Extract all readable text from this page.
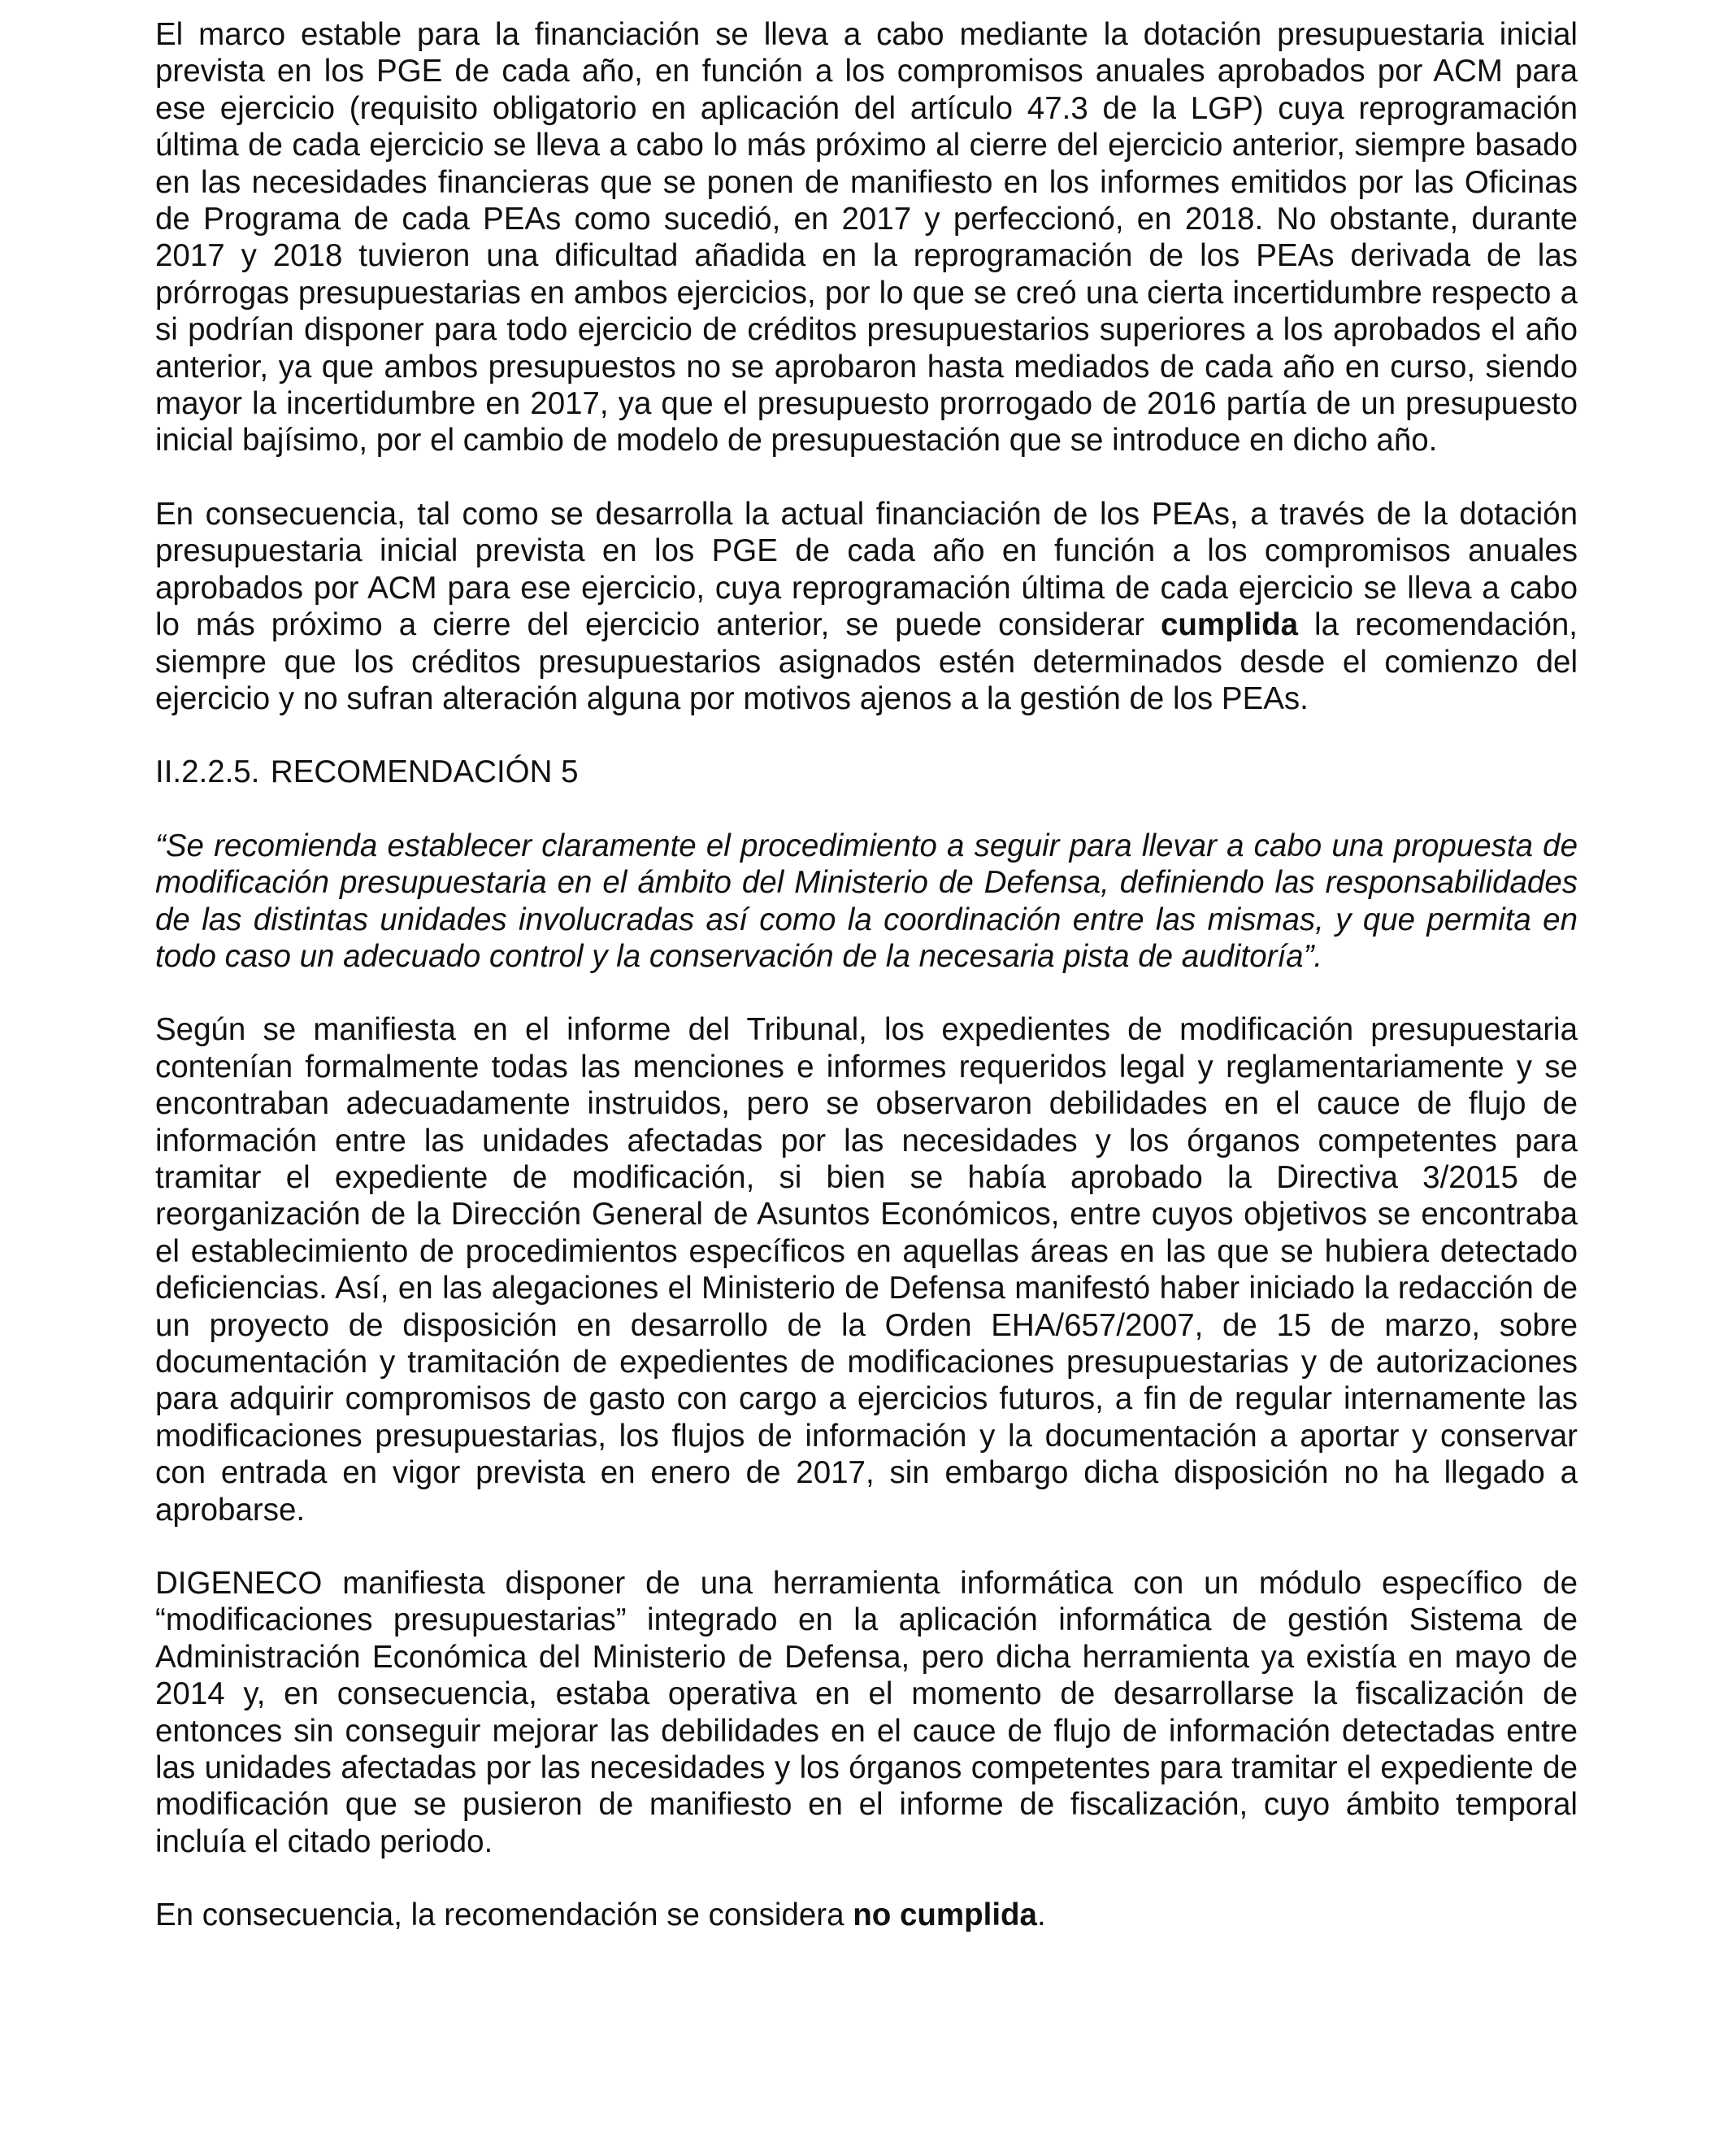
El marco estable para la financiación se lleva a cabo mediante la dotación presupuestaria inicial prevista en los PGE de cada año, en función a los compromisos anuales aprobados por ACM para ese ejercicio (requisito obligatorio en aplicación del artículo 47.3 de la LGP) cuya reprogramación última de cada ejercicio se lleva a cabo lo más próximo al cierre del ejercicio anterior, siempre basado en las necesidades financieras que se ponen de manifiesto en los informes emitidos por las Oficinas de Programa de cada PEAs como sucedió, en 2017 y perfeccionó, en 2018. No obstante, durante 2017 y 2018 tuvieron una dificultad añadida en la reprogramación de los PEAs derivada de las prórrogas presupuestarias en ambos ejercicios, por lo que se creó una cierta incertidumbre respecto a si podrían disponer para todo ejercicio de créditos presupuestarios superiores a los aprobados el año anterior, ya que ambos presupuestos no se aprobaron hasta mediados de cada año en curso, siendo mayor la incertidumbre en 2017, ya que el presupuesto prorrogado de 2016 partía de un presupuesto inicial bajísimo, por el cambio de modelo de presupuestación que se introduce en dicho año.

En consecuencia, tal como se desarrolla la actual financiación de los PEAs, a través de la dotación presupuestaria inicial prevista en los PGE de cada año en función a los compromisos anuales aprobados por ACM para ese ejercicio, cuya reprogramación última de cada ejercicio se lleva a cabo lo más próximo a cierre del ejercicio anterior, se puede considerar cumplida la recomendación, siempre que los créditos presupuestarios asignados estén determinados desde el comienzo del ejercicio y no sufran alteración alguna por motivos ajenos a la gestión de los PEAs.

II.2.2.5. RECOMENDACIÓN 5

“Se recomienda establecer claramente el procedimiento a seguir para llevar a cabo una propuesta de modificación presupuestaria en el ámbito del Ministerio de Defensa, definiendo las responsabilidades de las distintas unidades involucradas así como la coordinación entre las mismas, y que permita en todo caso un adecuado control y la conservación de la necesaria pista de auditoría”.

Según se manifiesta en el informe del Tribunal, los expedientes de modificación presupuestaria contenían formalmente todas las menciones e informes requeridos legal y reglamentariamente y se encontraban adecuadamente instruidos, pero se observaron debilidades en el cauce de flujo de información entre las unidades afectadas por las necesidades y los órganos competentes para tramitar el expediente de modificación, si bien se había aprobado la Directiva 3/2015 de reorganización de la Dirección General de Asuntos Económicos, entre cuyos objetivos se encontraba el establecimiento de procedimientos específicos en aquellas áreas en las que se hubiera detectado deficiencias. Así, en las alegaciones el Ministerio de Defensa manifestó haber iniciado la redacción de un proyecto de disposición en desarrollo de la Orden EHA/657/2007, de 15 de marzo, sobre documentación y tramitación de expedientes de modificaciones presupuestarias y de autorizaciones para adquirir compromisos de gasto con cargo a ejercicios futuros, a fin de regular internamente las modificaciones presupuestarias, los flujos de información y la documentación a aportar y conservar con entrada en vigor prevista en enero de 2017, sin embargo dicha disposición no ha llegado a aprobarse.

DIGENECO manifiesta disponer de una herramienta informática con un módulo específico de “modificaciones presupuestarias” integrado en la aplicación informática de gestión Sistema de Administración Económica del Ministerio de Defensa, pero dicha herramienta ya existía en mayo de 2014 y, en consecuencia, estaba operativa en el momento de desarrollarse la fiscalización de entonces sin conseguir mejorar las debilidades en el cauce de flujo de información detectadas entre las unidades afectadas por las necesidades y los órganos competentes para tramitar el expediente de modificación que se pusieron de manifiesto en el informe de fiscalización, cuyo ámbito temporal incluía el citado periodo.

En consecuencia, la recomendación se considera no cumplida.
